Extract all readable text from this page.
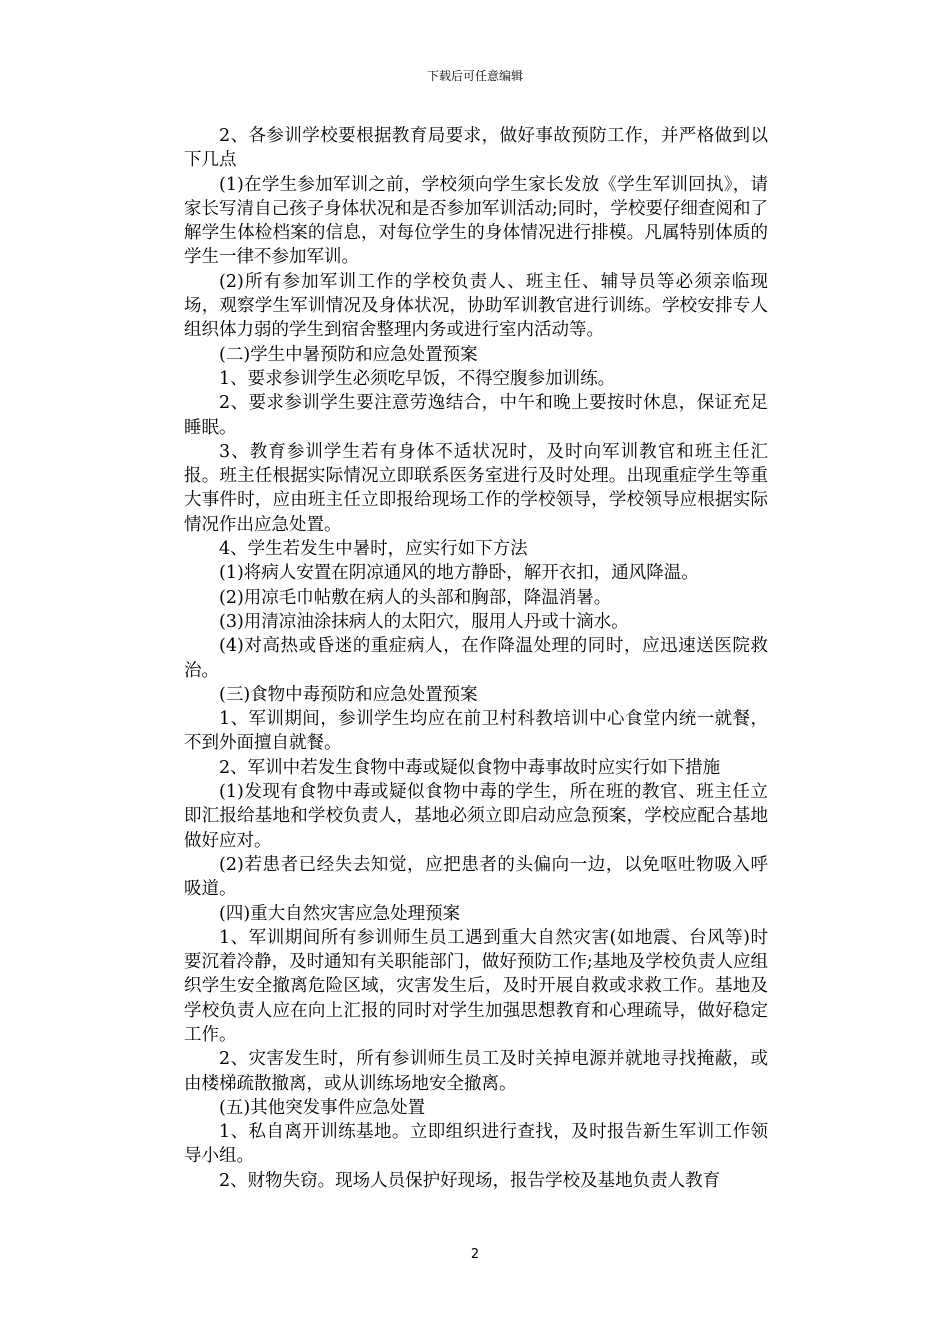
下载后可任意编辑

2、各参训学校要根据教育局要求，做好事故预防工作，并严格做到以下几点

(1)在学生参加军训之前，学校须向学生家长发放《学生军训回执》，请家长写清自己孩子身体状况和是否参加军训活动;同时，学校要仔细查阅和了解学生体检档案的信息，对每位学生的身体情况进行排模。凡属特别体质的学生一律不参加军训。

(2)所有参加军训工作的学校负责人、班主任、辅导员等必须亲临现场，观察学生军训情况及身体状况，协助军训教官进行训练。学校安排专人组织体力弱的学生到宿舍整理内务或进行室内活动等。

(二)学生中暑预防和应急处置预案

1、要求参训学生必须吃早饭，不得空腹参加训练。

2、要求参训学生要注意劳逸结合，中午和晚上要按时休息，保证充足睡眠。

3、教育参训学生若有身体不适状况时，及时向军训教官和班主任汇报。班主任根据实际情况立即联系医务室进行及时处理。出现重症学生等重大事件时，应由班主任立即报给现场工作的学校领导，学校领导应根据实际情况作出应急处置。

4、学生若发生中暑时，应实行如下方法

(1)将病人安置在阴凉通风的地方静卧，解开衣扣，通风降温。

(2)用凉毛巾帖敷在病人的头部和胸部，降温消暑。

(3)用清凉油涂抹病人的太阳穴，服用人丹或十滴水。

(4)对高热或昏迷的重症病人，在作降温处理的同时，应迅速送医院救治。

(三)食物中毒预防和应急处置预案

1、军训期间，参训学生均应在前卫村科教培训中心食堂内统一就餐，不到外面擅自就餐。

2、军训中若发生食物中毒或疑似食物中毒事故时应实行如下措施

(1)发现有食物中毒或疑似食物中毒的学生，所在班的教官、班主任立即汇报给基地和学校负责人，基地必须立即启动应急预案，学校应配合基地做好应对。

(2)若患者已经失去知觉，应把患者的头偏向一边，以免呕吐物吸入呼吸道。

(四)重大自然灾害应急处理预案

1、军训期间所有参训师生员工遇到重大自然灾害(如地震、台风等)时要沉着冷静，及时通知有关职能部门，做好预防工作;基地及学校负责人应组织学生安全撤离危险区域，灾害发生后，及时开展自救或求救工作。基地及学校负责人应在向上汇报的同时对学生加强思想教育和心理疏导，做好稳定工作。

2、灾害发生时，所有参训师生员工及时关掉电源并就地寻找掩蔽，或由楼梯疏散撤离，或从训练场地安全撤离。

(五)其他突发事件应急处置

1、私自离开训练基地。立即组织进行查找，及时报告新生军训工作领导小组。

2、财物失窃。现场人员保护好现场，报告学校及基地负责人教育

2
